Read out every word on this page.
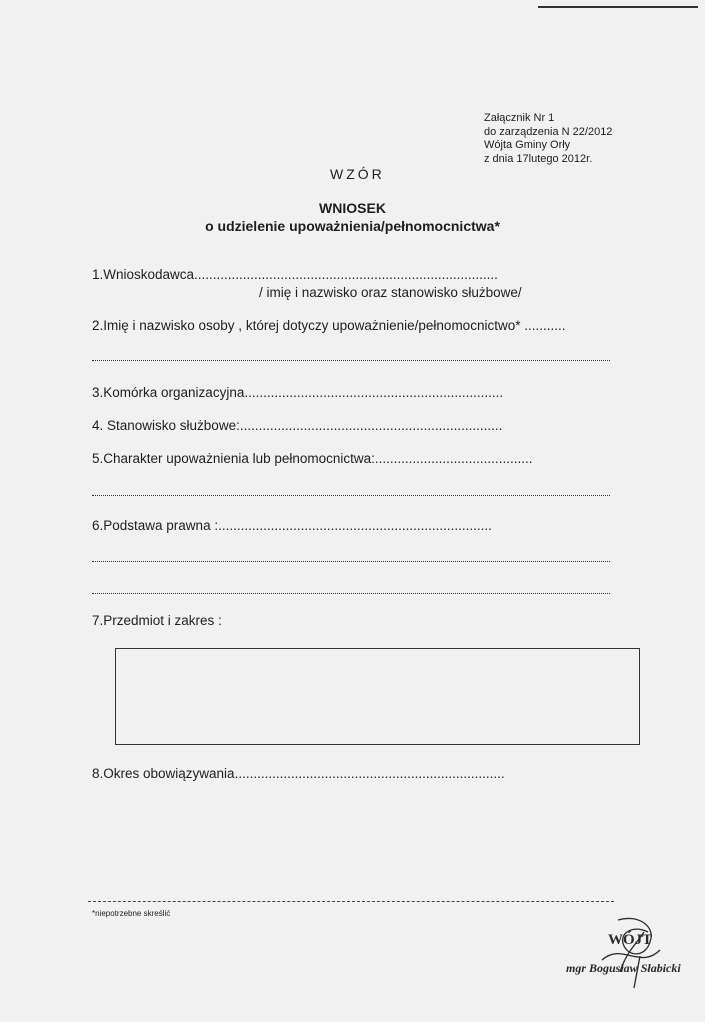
Załącznik Nr 1
do zarządzenia N 22/2012
Wójta Gminy Orły
z dnia 17lutego 2012r.
WZÓR
WNIOSEK
o udzielenie upoważnienia/pełnomocnictwa*
1.Wnioskodawca.................................................................................
/ imię i nazwisko oraz stanowisko służbowe/
2.Imię i nazwisko osoby , której dotyczy upoważnienie/pełnomocnictwo* ...........
3.Komórka organizacyjna.....................................................................
4. Stanowisko służbowe:......................................................................
5.Charakter upoważnienia lub pełnomocnictwa:..........................................
6.Podstawa prawna :.........................................................................
7.Przedmiot i zakres :
8.Okres obowiązywania........................................................................
*niepotrzebne skreślić
WÓJT
mgr Bogusław Słabicki
